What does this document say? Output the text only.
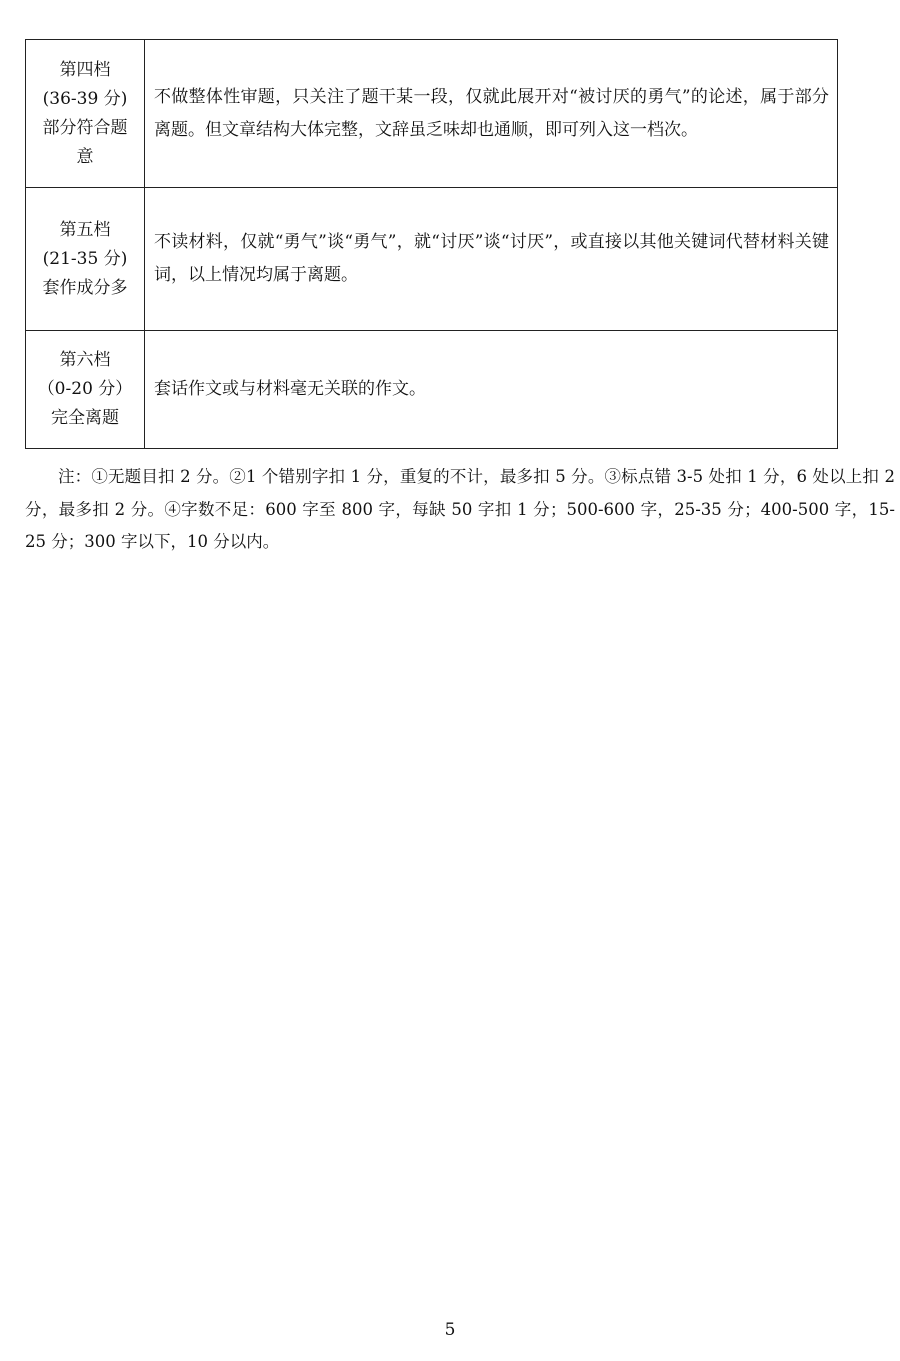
第四档
(36-39 分)
部分符合题
意	不做整体性审题，只关注了题干某一段，仅就此展开对“被讨厌的勇气”的论述，属于部分离题。但文章结构大体完整，文辞虽乏味却也通顺，即可列入这一档次。

第五档
(21-35 分)
套作成分多	不读材料，仅就“勇气”谈“勇气”，就“讨厌”谈“讨厌”，或直接以其他关键词代替材料关键词，以上情况均属于离题。

第六档
（0-20 分）
完全离题	套话作文或与材料毫无关联的作文。

注：①无题目扣 2 分。②1 个错别字扣 1 分，重复的不计，最多扣 5 分。③标点错 3-5 处扣 1 分，6 处以上扣 2 分，最多扣 2 分。④字数不足：600 字至 800 字，每缺 50 字扣 1 分；500-600 字，25-35 分；400-500 字，15-25 分；300 字以下，10 分以内。

5
